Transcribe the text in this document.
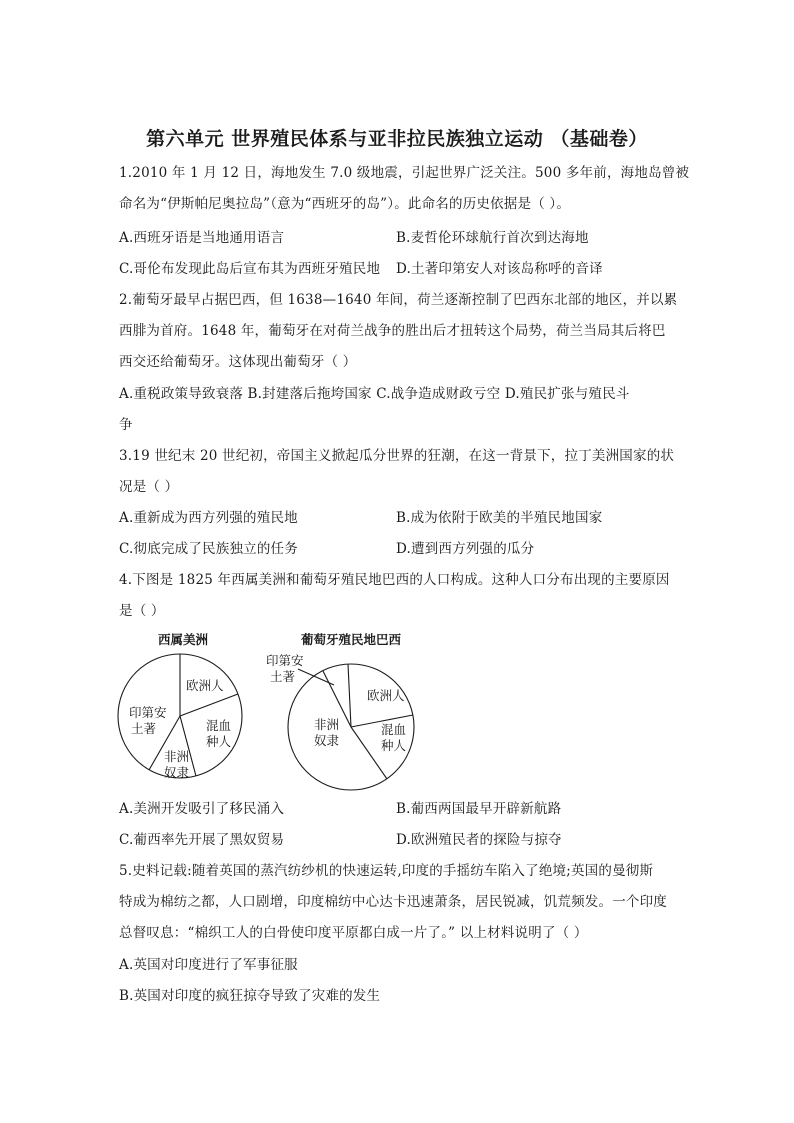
第六单元 世界殖民体系与亚非拉民族独立运动 （基础卷）
1.2010 年 1 月 12 日，海地发生 7.0 级地震，引起世界广泛关注。500 多年前，海地岛曾被
命名为“伊斯帕尼奥拉岛”（意为“西班牙的岛”）。此命名的历史依据是（ ）。
A.西班牙语是当地通用语言	B.麦哲伦环球航行首次到达海地
C.哥伦布发现此岛后宣布其为西班牙殖民地 D.土著印第安人对该岛称呼的音译
2.葡萄牙最早占据巴西，但 1638—1640 年间，荷兰逐渐控制了巴西东北部的地区，并以累
西腓为首府。1648 年，葡萄牙在对荷兰战争的胜出后才扭转这个局势，荷兰当局其后将巴
西交还给葡萄牙。这体现出葡萄牙（ ）
A.重税政策导致衰落 B.封建落后拖垮国家 C.战争造成财政亏空 D.殖民扩张与殖民斗
争
3.19 世纪末 20 世纪初，帝国主义掀起瓜分世界的狂潮，在这一背景下，拉丁美洲国家的状
况是（ ）
A.重新成为西方列强的殖民地	B.成为依附于欧美的半殖民地国家
C.彻底完成了民族独立的任务	D.遭到西方列强的瓜分
4.下图是 1825 年西属美洲和葡萄牙殖民地巴西的人口构成。这种人口分布出现的主要原因
是（ ）
西属美洲
欧洲人
混血
种人
非洲
奴隶
印第安
土著
葡萄牙殖民地巴西
印第安
土著
欧洲人
混血
种人
非洲
奴隶
A.美洲开发吸引了移民涌入	B.葡西两国最早开辟新航路
C.葡西率先开展了黑奴贸易	D.欧洲殖民者的探险与掠夺
5.史料记载:随着英国的蒸汽纺纱机的快速运转,印度的手摇纺车陷入了绝境;英国的曼彻斯
特成为棉纺之都，人口剧增，印度棉纺中心达卡迅速萧条，居民锐减，饥荒频发。一个印度
总督叹息：“棉织工人的白骨使印度平原都白成一片了。” 以上材料说明了（ ）
A.英国对印度进行了军事征服
B.英国对印度的疯狂掠夺导致了灾难的发生
